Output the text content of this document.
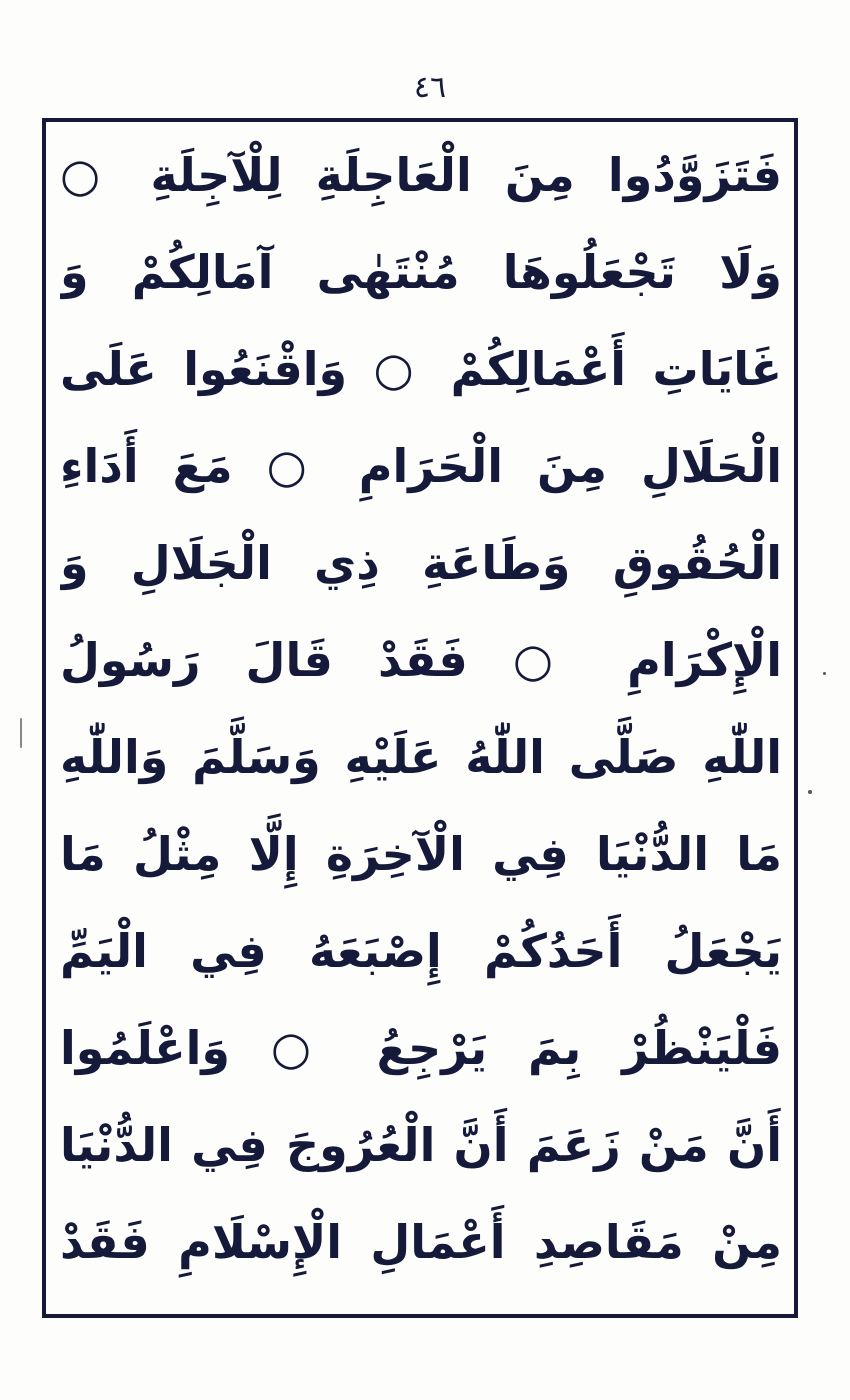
٤٦
فَتَزَوَّدُوا مِنَ الْعَاجِلَةِ لِلْآجِلَةِ ○
وَلَا تَجْعَلُوهَا مُنْتَهٰى آمَالِكُمْ وَ
غَايَاتِ أَعْمَالِكُمْ ○ وَاقْنَعُوا عَلَى
الْحَلَالِ مِنَ الْحَرَامِ ○ مَعَ أَدَاءِ
الْحُقُوقِ وَطَاعَةِ ذِي الْجَلَالِ وَ
الْإِكْرَامِ ○ فَقَدْ قَالَ رَسُولُ
اللّٰهِ صَلَّى اللّٰهُ عَلَيْهِ وَسَلَّمَ وَاللّٰهِ
مَا الدُّنْيَا فِي الْآخِرَةِ إِلَّا مِثْلُ مَا
يَجْعَلُ أَحَدُكُمْ إِصْبَعَهُ فِي الْيَمِّ
فَلْيَنْظُرْ بِمَ يَرْجِعُ ○ وَاعْلَمُوا
أَنَّ مَنْ زَعَمَ أَنَّ الْعُرُوجَ فِي الدُّنْيَا
مِنْ مَقَاصِدِ أَعْمَالِ الْإِسْلَامِ فَقَدْ
